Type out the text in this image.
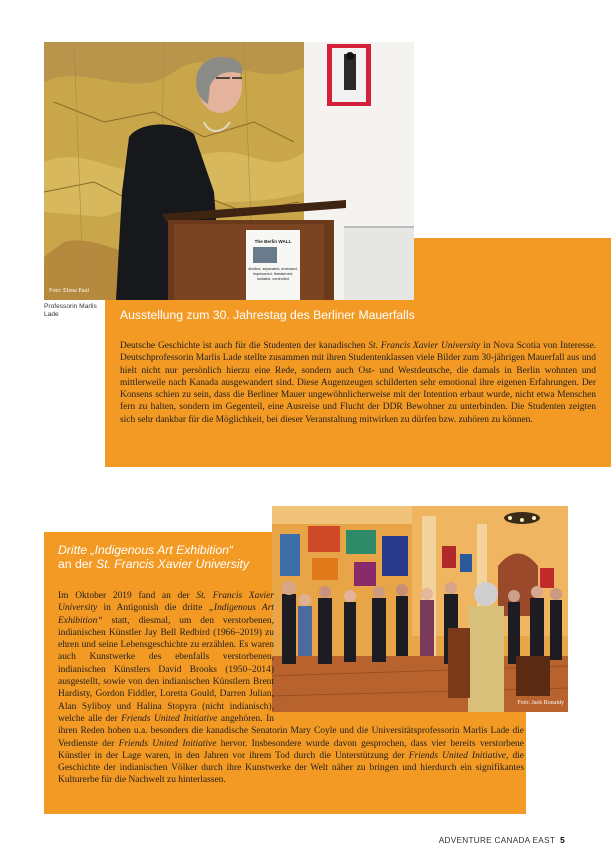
The Berlin WALL
divided, separated, enclosed, imprisoned, threatened, isolated, controlled
Foto: Elena Paul
Professorin Marlis Lade	Ausstellung zum 30. Jahrestag des Berliner Mauerfalls

Deutsche Geschichte ist auch für die Studenten der kanadischen St. Francis Xavier University in Nova Scotia von Interesse. Deutschprofessorin Marlis Lade stellte zusammen mit ihren Studentenklassen viele Bilder zum 30-jährigen Mauerfall aus und hielt nicht nur persönlich hierzu eine Rede, sondern auch Ost- und Westdeutsche, die damals in Berlin wohnten und mittlerweile nach Kanada ausgewandert sind. Diese Augenzeugen schilderten sehr emotional ihre eigenen Erfahrungen. Der Konsens schien zu sein, dass die Berliner Mauer ungewöhnlicherweise mit der Intention erbaut wurde, nicht etwa Menschen fern zu halten, sondern im Gegenteil, eine Ausreise und Flucht der DDR Bewohner zu unterbinden. Die Studenten zeigten sich sehr dankbar für die Möglichkeit, bei dieser Veranstaltung mitwirken zu dürfen bzw. zuhören zu können.

Foto: Jack Ronaldy
Dritte „Indigenous Art Exhibition“
an der St. Francis Xavier University

Im Oktober 2019 fand an der St. Francis Xavier University in Antigonish die dritte „Indigenous Art Exhibition“ statt, diesmal, um den verstorbenen, indianischen Künstler Jay Bell Redbird (1966–2019) zu ehren und seine Lebensgeschichte zu erzählen. Es waren auch Kunstwerke des ebenfalls verstorbenen, indianischen Künstlers David Brooks (1950–2014) ausgestellt, sowie von den indianischen Künstlern Brent Hardisty, Gordon Fiddler, Loretta Gould, Darren Julian, Alan Syliboy und Halina Stopyra (nicht indianisch), welche alle der Friends United Initiative angehören. In ihren Reden hoben u.a. besonders die kanadische Senatorin Mary Coyle und die Universitätsprofessorin Marlis Lade die Verdienste der Friends United Initiative hervor. Insbesondere wurde davon gesprochen, dass vier bereits verstorbene Künstler in der Lage waren, in den Jahren vor ihrem Tod durch die Unterstützung der Friends United Initiative, die Geschichte der indianischen Völker durch ihre Kunstwerke der Welt näher zu bringen und hierdurch ein signifikantes Kulturerbe für die Nachwelt zu hinterlassen.

ADVENTURE CANADA EAST 5
